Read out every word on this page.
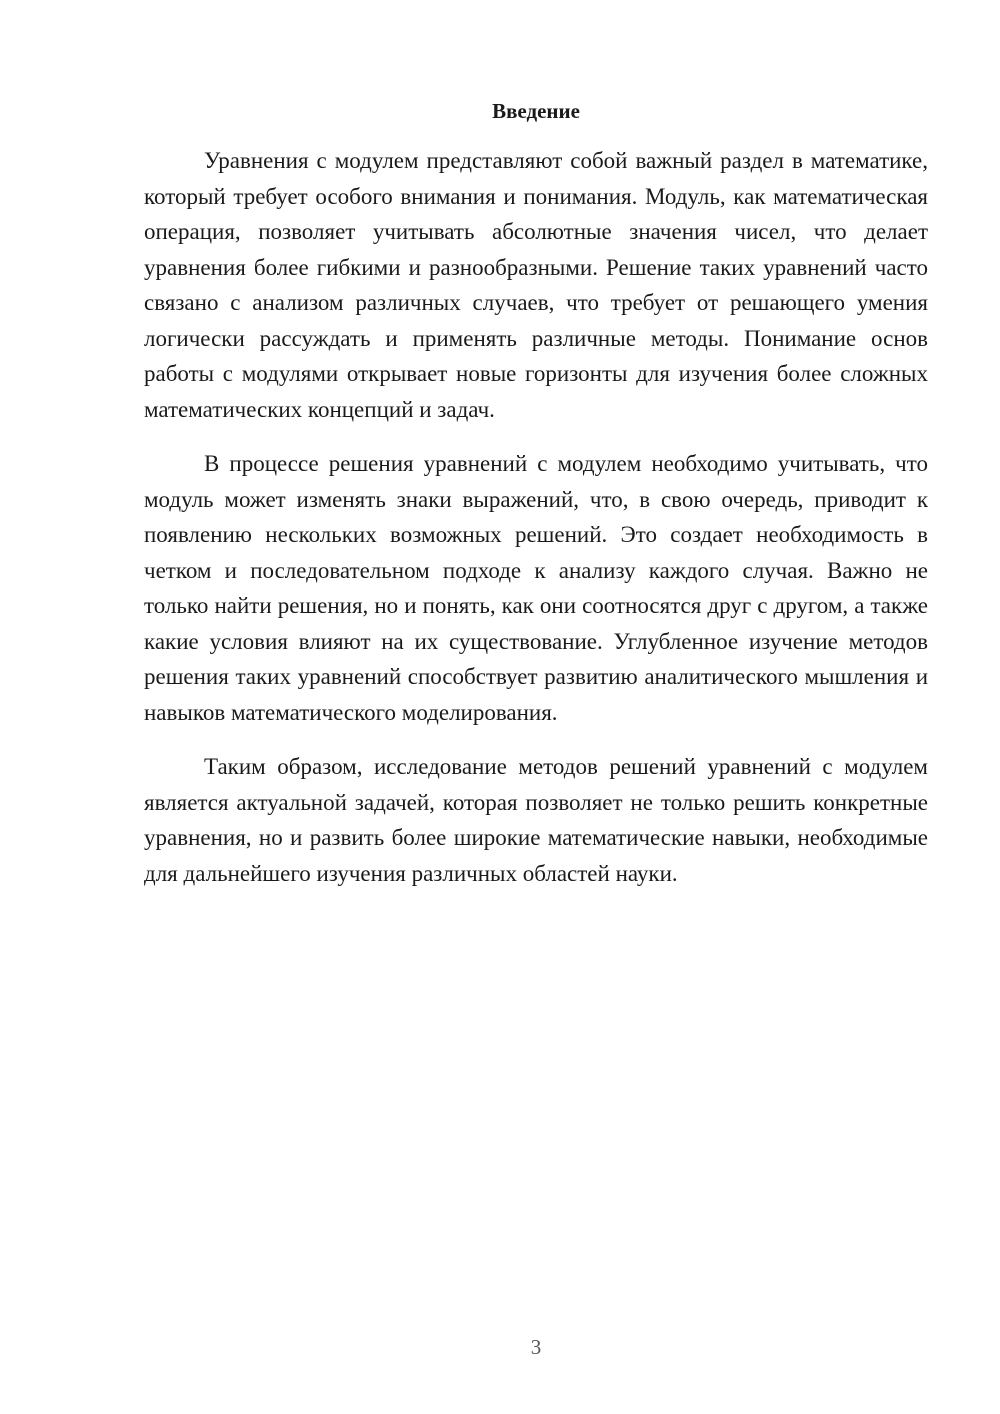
Введение

Уравнения с модулем представляют собой важный раздел в математике, который требует особого внимания и понимания. Модуль, как математическая операция, позволяет учитывать абсолютные значения чисел, что делает уравнения более гибкими и разнообразными. Решение таких уравнений часто связано с анализом различных случаев, что требует от решающего умения логически рассуждать и применять различные методы. Понимание основ работы с модулями открывает новые горизонты для изучения более сложных математических концепций и задач.

В процессе решения уравнений с модулем необходимо учитывать, что модуль может изменять знаки выражений, что, в свою очередь, приводит к появлению нескольких возможных решений. Это создает необходимость в четком и последовательном подходе к анализу каждого случая. Важно не только найти решения, но и понять, как они соотносятся друг с другом, а также какие условия влияют на их существование. Углубленное изучение методов решения таких уравнений способствует развитию аналитического мышления и навыков математического моделирования.

Таким образом, исследование методов решений уравнений с модулем является актуальной задачей, которая позволяет не только решить конкретные уравнения, но и развить более широкие математические навыки, необходимые для дальнейшего изучения различных областей науки.

3
